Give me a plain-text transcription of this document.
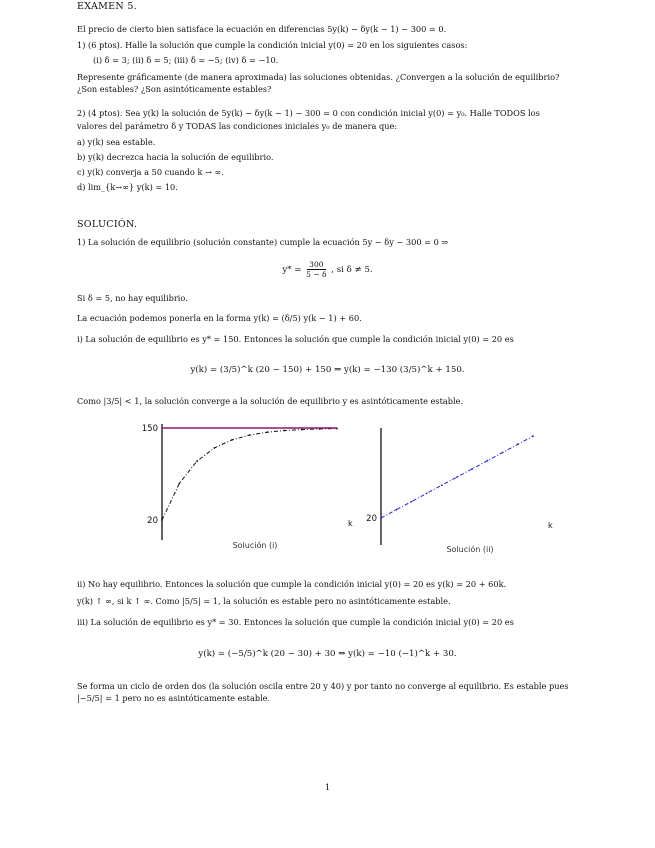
EXAMEN 5.
El precio de cierto bien satisface la ecuación en diferencias 5y(k) − δy(k − 1) − 300 = 0.
1) (6 ptos). Halle la solución que cumple la condición inicial y(0) = 20 en los siguientes casos:
(i) δ = 3; (ii) δ = 5; (iii) δ = −5; (iv) δ = −10.
Represente gráficamente (de manera aproximada) las soluciones obtenidas. ¿Convergen a la solución de equilibrio?
¿Son estables? ¿Son asintóticamente estables?
2) (4 ptos). Sea y(k) la solución de 5y(k) − δy(k − 1) − 300 = 0 con condición inicial y(0) = y₀. Halle TODOS los
valores del parámetro δ y TODAS las condiciones iniciales y₀ de manera que:
a) y(k) sea estable.
b) y(k) decrezca hacia la solución de equilibrio.
c) y(k) converja a 50 cuando k → ∞.
d) lim_{k→∞} y(k) = 10.
SOLUCIÓN.
1) La solución de equilibrio (solución constante) cumple la ecuación 5y − δy − 300 = 0 ⇒
$y* = \frac{300}{5 - \delta}$ , si δ ≠ 5.
Si δ = 5, no hay equilibrio.
La ecuación podemos ponerla en la forma y(k) = (δ/5) y(k − 1) + 60.
i) La solución de equilibrio es y* = 150. Entonces la solución que cumple la condición inicial y(0) = 20 es
y(k) = (3/5)^k (20 − 150) + 150 ⇒ y(k) = −130 (3/5)^k + 150.
Como |3/5| < 1, la solución converge a la solución de equilibrio y es asintóticamente estable.
20
150
k
Solución (i)
20
k
Solución (ii)
ii) No hay equilibrio. Entonces la solución que cumple la condición inicial y(0) = 20 es y(k) = 20 + 60k.
y(k) ↑ ∞, si k ↑ ∞. Como |5/5| = 1, la solución es estable pero no asintóticamente estable.
iii) La solución de equilibrio es y* = 30. Entonces la solución que cumple la condición inicial y(0) = 20 es
y(k) = (−5/5)^k (20 − 30) + 30 ⇒ y(k) = −10 (−1)^k + 30.
Se forma un ciclo de orden dos (la solución oscila entre 20 y 40) y por tanto no converge al equilibrio. Es estable pues
|−5/5| = 1 pero no es asintóticamente estable.
1
